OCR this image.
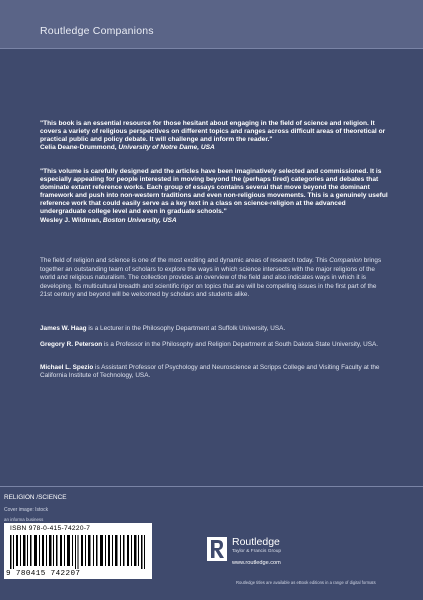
Routledge Companions
"This book is an essential resource for those hesitant about engaging in the field of science and religion. It covers a variety of religious perspectives on different topics and ranges across difficult areas of theoretical or practical public and policy debate. It will challenge and inform the reader."
Celia Deane-Drummond, University of Notre Dame, USA
"This volume is carefully designed and the articles have been imaginatively selected and commissioned. It is especially appealing for people interested in moving beyond the (perhaps tired) categories and debates that dominate extant reference works. Each group of essays contains several that move beyond the dominant framework and push into non-western traditions and even non-religious movements. This is a genuinely useful reference work that could easily serve as a key text in a class on science-religion at the advanced undergraduate college level and even in graduate schools."
Wesley J. Wildman, Boston University, USA
The field of religion and science is one of the most exciting and dynamic areas of research today. This Companion brings together an outstanding team of scholars to explore the ways in which science intersects with the major religions of the world and religious naturalism. The collection provides an overview of the field and also indicates ways in which it is developing. Its multicultural breadth and scientific rigor on topics that are will be compelling issues in the first part of the 21st century and beyond will be welcomed by scholars and students alike.
James W. Haag is a Lecturer in the Philosophy Department at Suffolk University, USA.
Gregory R. Peterson is a Professor in the Philosophy and Religion Department at South Dakota State University, USA.
Michael L. Spezio is Assistant Professor of Psychology and Neuroscience at Scripps College and Visiting Faculty at the California Institute of Technology, USA.
RELIGION /SCIENCE
Cover image: Istock
an informa business
ISBN 978-0-415-74220-7
9 780415 742207
Routledge
Taylor & Francis Group
www.routledge.com
Routledge titles are available as eBook editions in a range of digital formats
